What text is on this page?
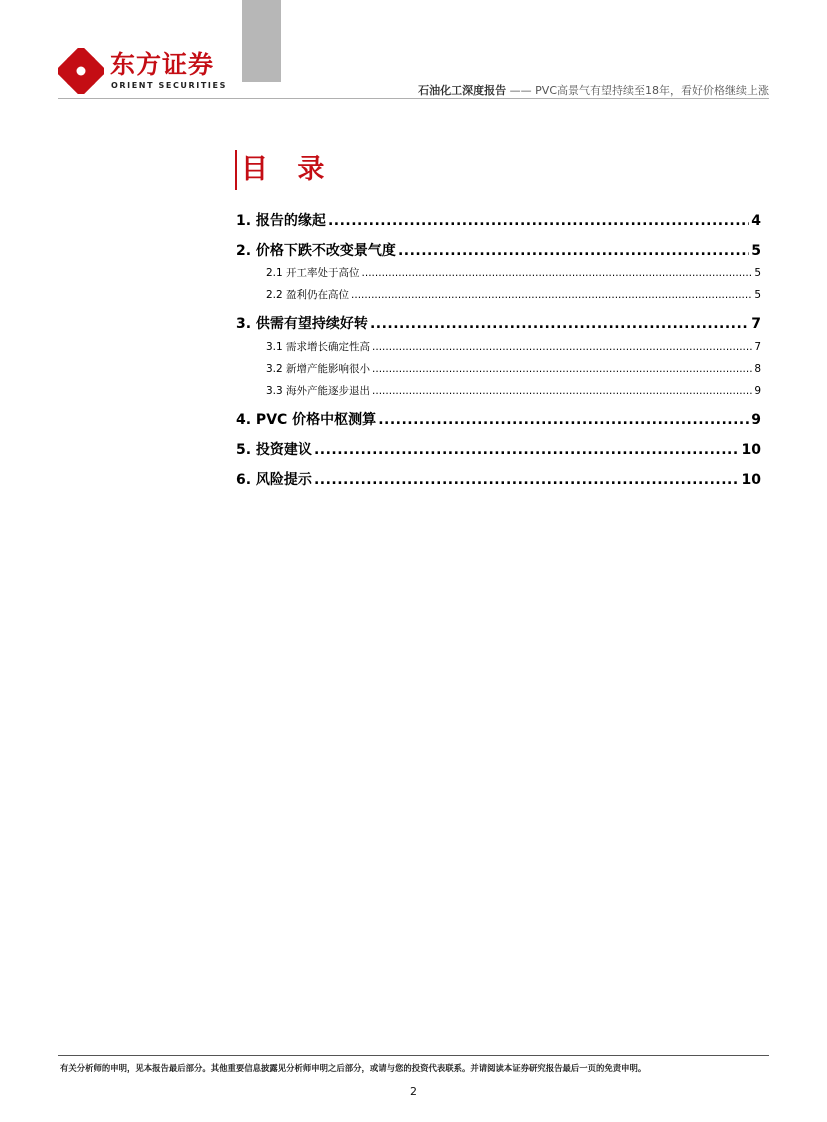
东方证券
ORIENT SECURITIES	石油化工深度报告 —— PVC高景气有望持续至18年，看好价格继续上涨
目 录
1. 报告的缘起 .....	4
2. 价格下跌不改变景气度 .....	5
2.1 开工率处于高位 .....	5
2.2 盈利仍在高位 .....	5
3. 供需有望持续好转 .....	7
3.1 需求增长确定性高 .....	7
3.2 新增产能影响很小 .....	8
3.3 海外产能逐步退出 .....	9
4. PVC 价格中枢测算 .....	9
5. 投资建议 .....	10
6. 风险提示 .....	10
有关分析师的申明，见本报告最后部分。其他重要信息披露见分析师申明之后部分，或请与您的投资代表联系。并请阅读本证券研究报告最后一页的免责申明。
2
